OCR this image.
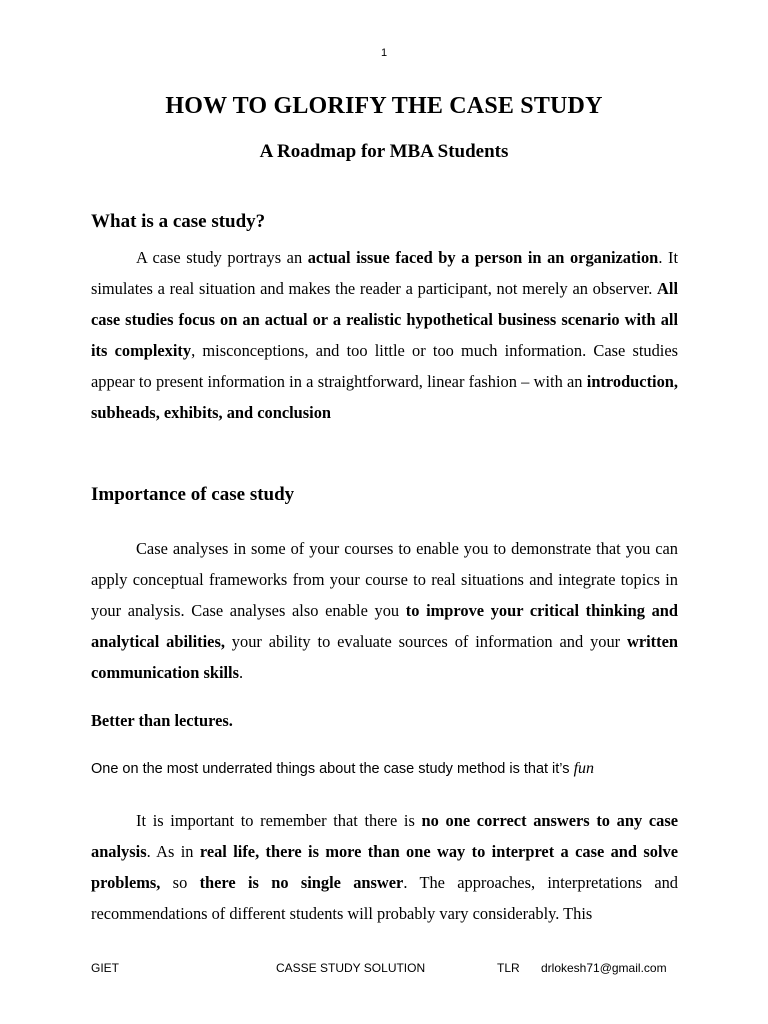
1
HOW TO GLORIFY THE CASE STUDY
A Roadmap for MBA Students
What is a case study?

A case study portrays an actual issue faced by a person in an organization. It simulates a real situation and makes the reader a participant, not merely an observer. All case studies focus on an actual or a realistic hypothetical business scenario with all its complexity, misconceptions, and too little or too much information. Case studies appear to present information in a straightforward, linear fashion – with an introduction, subheads, exhibits, and conclusion

Importance of case study

Case analyses in some of your courses to enable you to demonstrate that you can apply conceptual frameworks from your course to real situations and integrate topics in your analysis. Case analyses also enable you to improve your critical thinking and analytical abilities, your ability to evaluate sources of information and your written communication skills.

Better than lectures.

One on the most underrated things about the case study method is that it’s fun

It is important to remember that there is no one correct answers to any case analysis. As in real life, there is more than one way to interpret a case and solve problems, so there is no single answer. The approaches, interpretations and recommendations of different students will probably vary considerably. This

GIET	CASSE STUDY SOLUTION	TLR drlokesh71@gmail.com
